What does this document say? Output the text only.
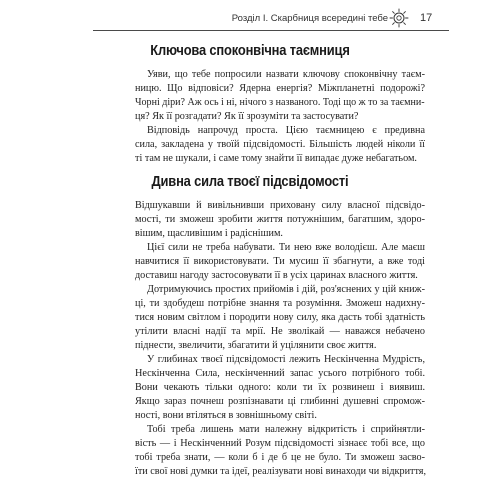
Розділ І. Скарбниця всередині тебе	17
Ключова споконвічна таємниця
Уяви, що тебе попросили назвати ключову споконвічну таєм-
ницю. Що відповіси? Ядерна енергія? Міжпланетні подорожі?
Чорні діри? Аж ось і ні, нічого з названого. Тоді що ж то за таємни-
ця? Як її розгадати? Як її зрозуміти та застосувати?
Відповідь напрочуд проста. Цією таємницею є предивна
сила, закладена у твоїй підсвідомості. Більшість людей ніколи її
ті там не шукали, і саме тому знайти її випадає дуже небагатьом.
Дивна сила твоєї підсвідомості
Відшукавши й вивільнивши приховану силу власної підсвідо-
мості, ти зможеш зробити життя потужнішим, багатшим, здоро-
вішим, щасливішим і радіснішим.
Цієї сили не треба набувати. Ти нею вже володієш. Але маєш
навчитися її використовувати. Ти мусиш її збагнути, а вже тоді
доставиш нагоду застосовувати її в усіх царинах власного життя.
Дотримуючись простих прийомів і дій, роз'яснених у цій книж-
ці, ти здобудеш потрібне знання та розуміння. Зможеш надихну-
тися новим світлом і породити нову силу, яка дасть тобі здатність
утілити власні надії та мрії. Не зволікай — наважся небачено
піднести, звеличити, збагатити й уцілянити своє життя.
У глибинах твоєї підсвідомості лежить Нескінченна Мудрість,
Нескінченна Сила, нескінченний запас усього потрібного тобі.
Вони чекають тільки одного: коли ти їх розвинеш і виявиш.
Якщо зараз почнеш розпізнавати ці глибинні душевні спромож-
ності, вони втіляться в зовнішньому світі.
Тобі треба лишень мати належну відкритість і сприйнятли-
вість — і Нескінченний Розум підсвідомості зізнаєє тобі все, що
тобі треба знати, — коли б і де б це не було. Ти зможеш засво-
їти свої нові думки та ідеї, реалізувати нові винаходи чи відкриття,
